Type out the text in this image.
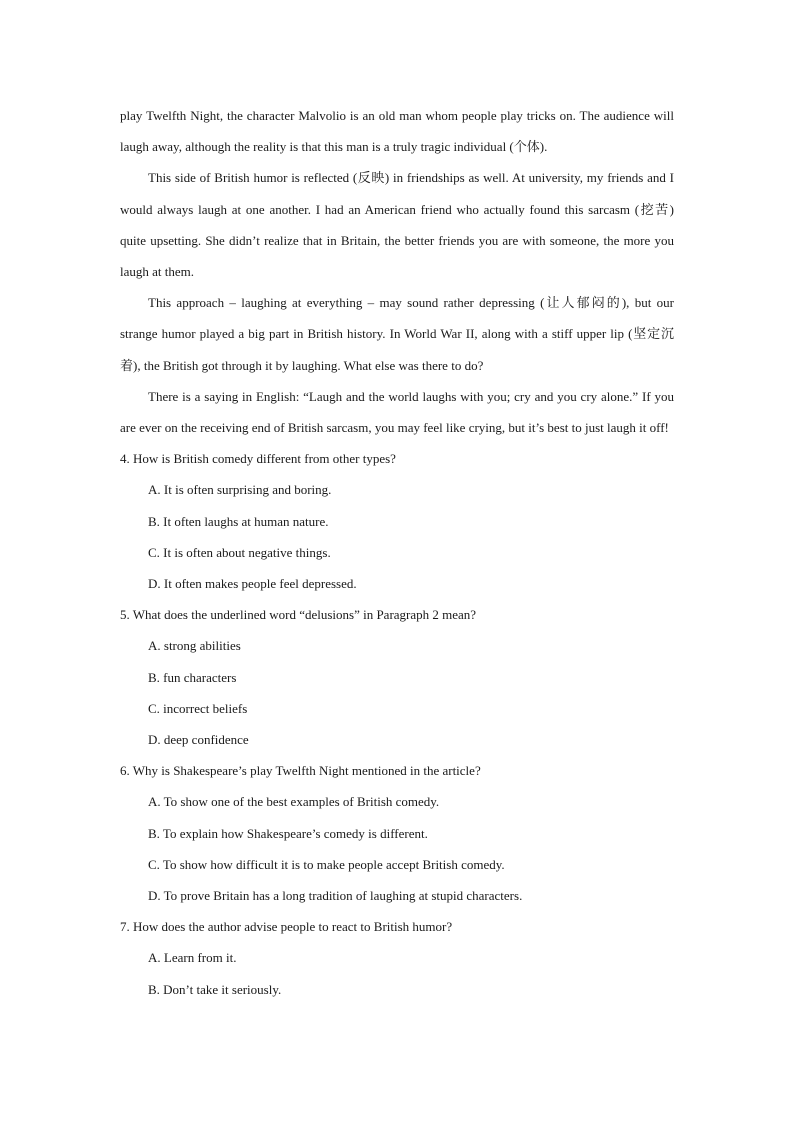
play Twelfth Night, the character Malvolio is an old man whom people play tricks on. The audience will laugh away, although the reality is that this man is a truly tragic individual (个体).

This side of British humor is reflected (反映) in friendships as well. At university, my friends and I would always laugh at one another. I had an American friend who actually found this sarcasm (挖苦) quite upsetting. She didn’t realize that in Britain, the better friends you are with someone, the more you laugh at them.

This approach – laughing at everything – may sound rather depressing (让人郁闷的), but our strange humor played a big part in British history. In World War II, along with a stiff upper lip (坚定沉着), the British got through it by laughing. What else was there to do?

There is a saying in English: “Laugh and the world laughs with you; cry and you cry alone.” If you are ever on the receiving end of British sarcasm, you may feel like crying, but it’s best to just laugh it off!

4. How is British comedy different from other types?

A. It is often surprising and boring.

B. It often laughs at human nature.

C. It is often about negative things.

D. It often makes people feel depressed.

5. What does the underlined word “delusions” in Paragraph 2 mean?

A. strong abilities

B. fun characters

C. incorrect beliefs

D. deep confidence

6. Why is Shakespeare’s play Twelfth Night mentioned in the article?

A. To show one of the best examples of British comedy.

B. To explain how Shakespeare’s comedy is different.

C. To show how difficult it is to make people accept British comedy.

D. To prove Britain has a long tradition of laughing at stupid characters.

7. How does the author advise people to react to British humor?

A. Learn from it.

B. Don’t take it seriously.
